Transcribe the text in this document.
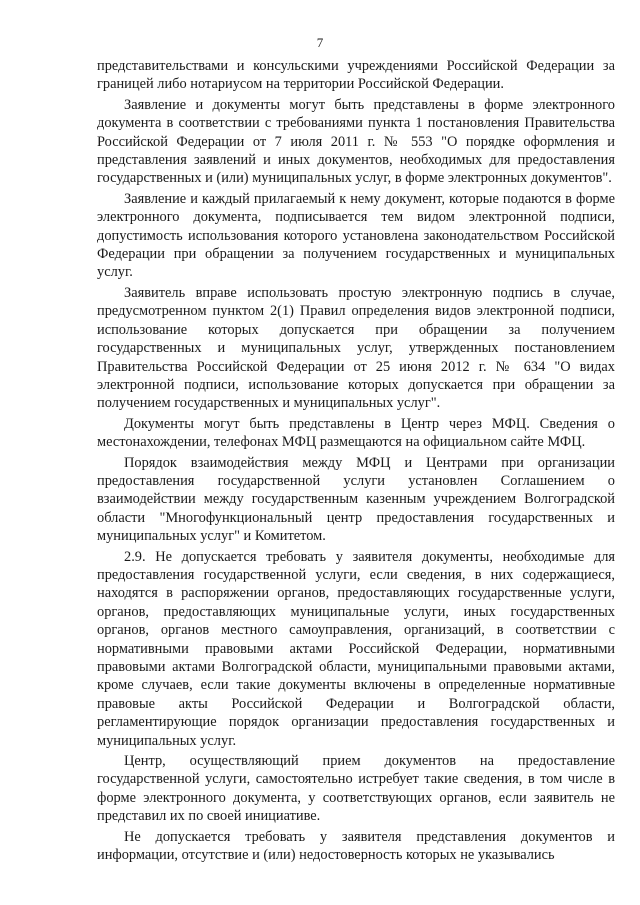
7

представительствами и консульскими учреждениями Российской Федерации за границей либо нотариусом на территории Российской Федерации.

Заявление и документы могут быть представлены в форме электронного документа в соответствии с требованиями пункта 1 постановления Правительства Российской Федерации от 7 июля 2011 г. № 553 "О порядке оформления и представления заявлений и иных документов, необходимых для предоставления государственных и (или) муниципальных услуг, в форме электронных документов".

Заявление и каждый прилагаемый к нему документ, которые подаются в форме электронного документа, подписывается тем видом электронной подписи, допустимость использования которого установлена законодательством Российской Федерации при обращении за получением государственных и муниципальных услуг.

Заявитель вправе использовать простую электронную подпись в случае, предусмотренном пунктом 2(1) Правил определения видов электронной подписи, использование которых допускается при обращении за получением государственных и муниципальных услуг, утвержденных постановлением Правительства Российской Федерации от 25 июня 2012 г. № 634 "О видах электронной подписи, использование которых допускается при обращении за получением государственных и муниципальных услуг".

Документы могут быть представлены в Центр через МФЦ. Сведения о местонахождении, телефонах МФЦ размещаются на официальном сайте МФЦ.

Порядок взаимодействия между МФЦ и Центрами при организации предоставления государственной услуги установлен Соглашением о взаимодействии между государственным казенным учреждением Волгоградской области "Многофункциональный центр предоставления государственных и муниципальных услуг" и Комитетом.

2.9. Не допускается требовать у заявителя документы, необходимые для предоставления государственной услуги, если сведения, в них содержащиеся, находятся в распоряжении органов, предоставляющих государственные услуги, органов, предоставляющих муниципальные услуги, иных государственных органов, органов местного самоуправления, организаций, в соответствии с нормативными правовыми актами Российской Федерации, нормативными правовыми актами Волгоградской области, муниципальными правовыми актами, кроме случаев, если такие документы включены в определенные нормативные правовые акты Российской Федерации и Волгоградской области, регламентирующие порядок организации предоставления государственных и муниципальных услуг.

Центр, осуществляющий прием документов на предоставление государственной услуги, самостоятельно истребует такие сведения, в том числе в форме электронного документа, у соответствующих органов, если заявитель не представил их по своей инициативе.

Не допускается требовать у заявителя представления документов и информации, отсутствие и (или) недостоверность которых не указывались
